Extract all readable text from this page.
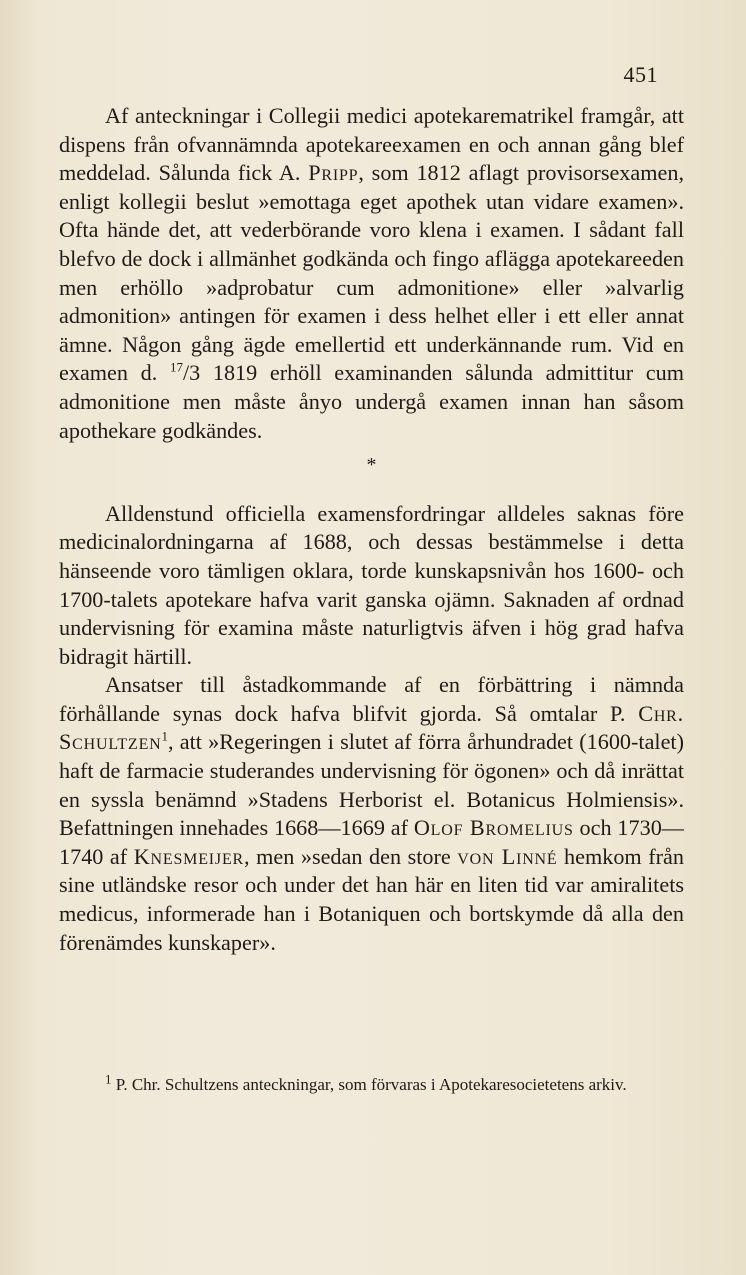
451

Af anteckningar i Collegii medici apotekarematrikel framgår, att dispens från ofvannämnda apotekareexamen en och annan gång blef meddelad. Sålunda fick A. Pripp, som 1812 aflagt provisorsexamen, enligt kollegii beslut »emottaga eget apothek utan vidare examen». Ofta hände det, att vederbörande voro klena i examen. I sådant fall blefvo de dock i allmänhet godkända och fingo aflägga apotekareeden men erhöllo »adprobatur cum admonitione» eller »alvarlig admonition» antingen för examen i dess helhet eller i ett eller annat ämne. Någon gång ägde emellertid ett underkännande rum. Vid en examen d. $^{17}$/3 1819 erhöll examinanden sålunda admittitur cum admonitione men måste ånyo undergå examen innan han såsom apothekare godkändes.

*

Alldenstund officiella examensfordringar alldeles saknas före medicinalordningarna af 1688, och dessas bestämmelse i detta hänseende voro tämligen oklara, torde kunskapsnivån hos 1600- och 1700-talets apotekare hafva varit ganska ojämn. Saknaden af ordnad undervisning för examina måste naturligtvis äfven i hög grad hafva bidragit härtill.

Ansatser till åstadkommande af en förbättring i nämnda förhållande synas dock hafva blifvit gjorda. Så omtalar P. Chr. Schultzen$^1$, att »Regeringen i slutet af förra århundradet (1600-talet) haft de farmacie studerandes undervisning för ögonen» och då inrättat en syssla benämnd »Stadens Herborist el. Botanicus Holmiensis». Befattningen innehades 1668—1669 af Olof Bromelius och 1730—1740 af Knesmeijer, men »sedan den store von Linné hemkom från sine utländske resor och under det han här en liten tid var amiralitets medicus, informerade han i Botaniquen och bortskymde då alla den förenämdes kunskaper».

$^1$ P. Chr. Schultzens anteckningar, som förvaras i Apotekaresocietetens arkiv.
